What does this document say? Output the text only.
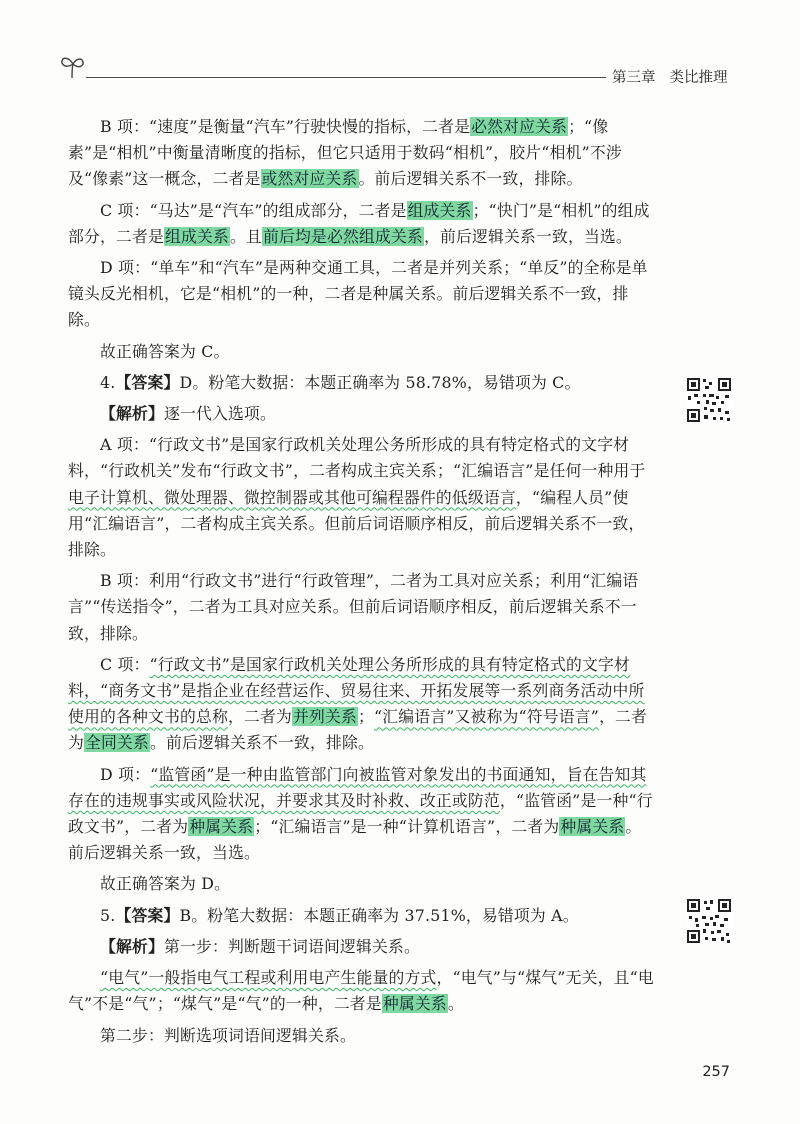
第三章 类比推理

B 项：“速度”是衡量“汽车”行驶快慢的指标，二者是必然对应关系；“像素”是“相机”中衡量清晰度的指标，但它只适用于数码“相机”，胶片“相机”不涉及“像素”这一概念，二者是或然对应关系。前后逻辑关系不一致，排除。

C 项：“马达”是“汽车”的组成部分，二者是组成关系；“快门”是“相机”的组成部分，二者是组成关系。且前后均是必然组成关系，前后逻辑关系一致，当选。

D 项：“单车”和“汽车”是两种交通工具，二者是并列关系；“单反”的全称是单镜头反光相机，它是“相机”的一种，二者是种属关系。前后逻辑关系不一致，排除。

故正确答案为 C。

4.【答案】D。粉笔大数据：本题正确率为 58.78%，易错项为 C。

【解析】逐一代入选项。

A 项：“行政文书”是国家行政机关处理公务所形成的具有特定格式的文字材料，“行政机关”发布“行政文书”，二者构成主宾关系；“汇编语言”是任何一种用于电子计算机、微处理器、微控制器或其他可编程器件的低级语言，“编程人员”使用“汇编语言”，二者构成主宾关系。但前后词语顺序相反，前后逻辑关系不一致，排除。

B 项：利用“行政文书”进行“行政管理”，二者为工具对应关系；利用“汇编语言”“传送指令”，二者为工具对应关系。但前后词语顺序相反，前后逻辑关系不一致，排除。

C 项：“行政文书”是国家行政机关处理公务所形成的具有特定格式的文字材料，“商务文书”是指企业在经营运作、贸易往来、开拓发展等一系列商务活动中所使用的各种文书的总称，二者为并列关系；“汇编语言”又被称为“符号语言”，二者为全同关系。前后逻辑关系不一致，排除。

D 项：“监管函”是一种由监管部门向被监管对象发出的书面通知，旨在告知其存在的违规事实或风险状况，并要求其及时补救、改正或防范，“监管函”是一种“行政文书”，二者为种属关系；“汇编语言”是一种“计算机语言”，二者为种属关系。前后逻辑关系一致，当选。

故正确答案为 D。

5.【答案】B。粉笔大数据：本题正确率为 37.51%，易错项为 A。

【解析】第一步：判断题干词语间逻辑关系。

“电气”一般指电气工程或利用电产生能量的方式，“电气”与“煤气”无关，且“电气”不是“气”；“煤气”是“气”的一种，二者是种属关系。

第二步：判断选项词语间逻辑关系。

257
